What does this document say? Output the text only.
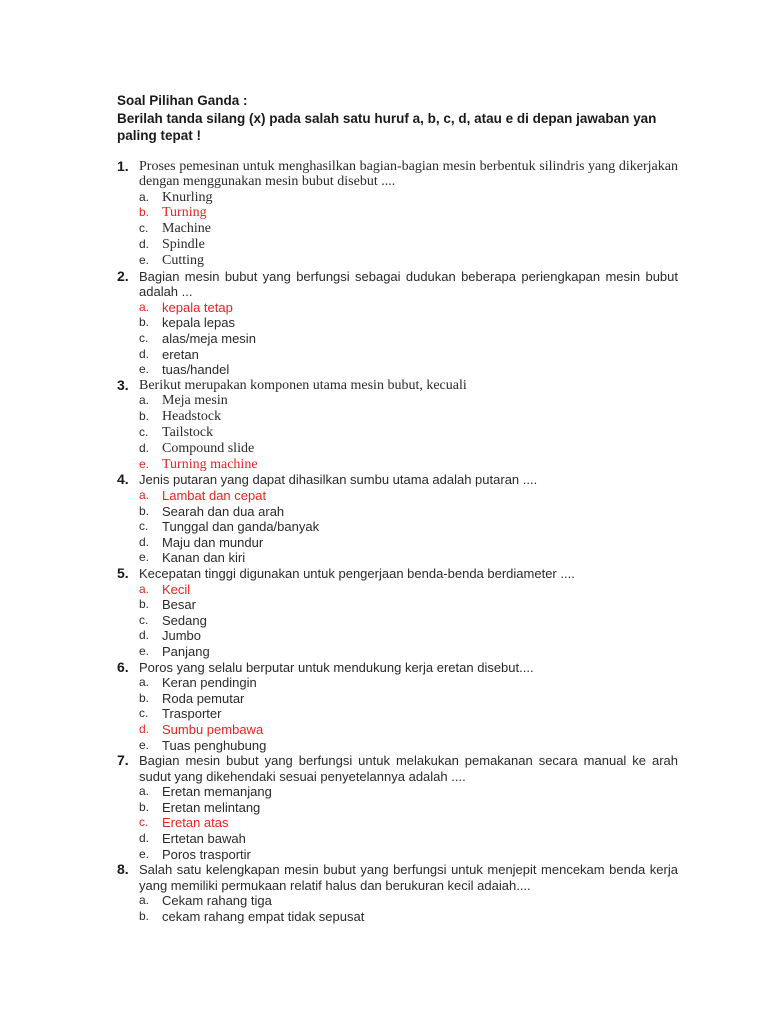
Soal Pilihan Ganda :
Berilah tanda silang (x) pada salah satu huruf a, b, c, d, atau e di depan jawaban yan paling tepat !
1. Proses pemesinan untuk menghasilkan bagian-bagian mesin berbentuk silindris yang dikerjakan dengan menggunakan mesin bubut disebut ....
a. Knurling
b. Turning
c. Machine
d. Spindle
e. Cutting
2. Bagian mesin bubut yang berfungsi sebagai dudukan beberapa periengkapan mesin bubut adalah ...
a. kepala tetap
b. kepala lepas
c. alas/meja mesin
d. eretan
e. tuas/handel
3. Berikut merupakan komponen utama mesin bubut, kecuali
a. Meja mesin
b. Headstock
c. Tailstock
d. Compound slide
e. Turning machine
4. Jenis putaran yang dapat dihasilkan sumbu utama adalah putaran ....
a. Lambat dan cepat
b. Searah dan dua arah
c. Tunggal dan ganda/banyak
d. Maju dan mundur
e. Kanan dan kiri
5. Kecepatan tinggi digunakan untuk pengerjaan benda-benda berdiameter ....
a. Kecil
b. Besar
c. Sedang
d. Jumbo
e. Panjang
6. Poros yang selalu berputar untuk mendukung kerja eretan disebut....
a. Keran pendingin
b. Roda pemutar
c. Trasporter
d. Sumbu pembawa
e. Tuas penghubung
7. Bagian mesin bubut yang berfungsi untuk melakukan pemakanan secara manual ke arah sudut yang dikehendaki sesuai penyetelannya adalah ....
a. Eretan memanjang
b. Eretan melintang
c. Eretan atas
d. Ertetan bawah
e. Poros trasportir
8. Salah satu kelengkapan mesin bubut yang berfungsi untuk menjepit mencekam benda kerja yang memiliki permukaan relatif halus dan berukuran kecil adaiah....
a. Cekam rahang tiga
b. cekam rahang empat tidak sepusat
